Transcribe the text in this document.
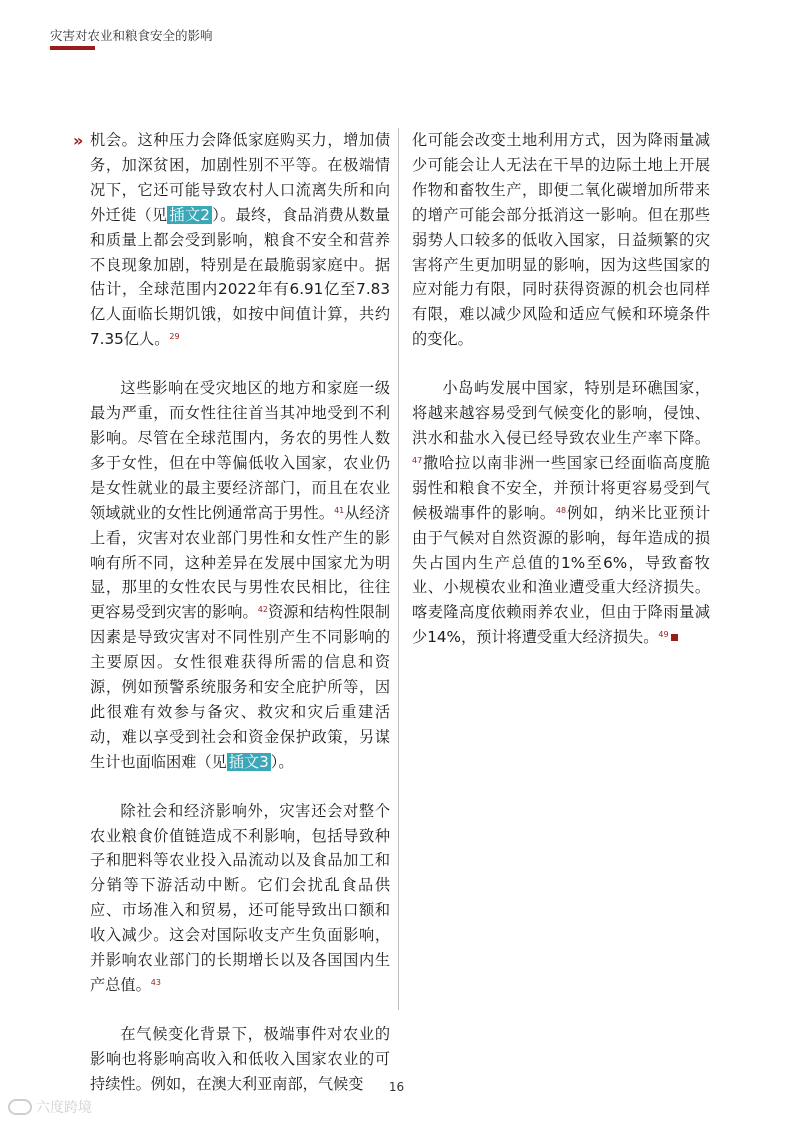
灾害对农业和粮食安全的影响
» 机会。这种压力会降低家庭购买力，增加债务，加深贫困，加剧性别不平等。在极端情况下，它还可能导致农村人口流离失所和向外迁徙（见 插文2 ）。最终，食品消费从数量和质量上都会受到影响，粮食不安全和营养不良现象加剧，特别是在最脆弱家庭中。据估计，全球范围内2022年有6.91亿至7.83亿人面临长期饥饿，如按中间值计算，共约7.35亿人。$^{29}$

这些影响在受灾地区的地方和家庭一级最为严重，而女性往往首当其冲地受到不利影响。尽管在全球范围内，务农的男性人数多于女性，但在中等偏低收入国家，农业仍是女性就业的最主要经济部门，而且在农业领域就业的女性比例通常高于男性。$^{41}$从经济上看，灾害对农业部门男性和女性产生的影响有所不同，这种差异在发展中国家尤为明显，那里的女性农民与男性农民相比，往往更容易受到灾害的影响。$^{42}$资源和结构性限制因素是导致灾害对不同性别产生不同影响的主要原因。女性很难获得所需的信息和资源，例如预警系统服务和安全庇护所等，因此很难有效参与备灾、救灾和灾后重建活动，难以享受到社会和资金保护政策，另谋生计也面临困难（见 插文3 ）。

除社会和经济影响外，灾害还会对整个农业粮食价值链造成不利影响，包括导致种子和肥料等农业投入品流动以及食品加工和分销等下游活动中断。它们会扰乱食品供应、市场准入和贸易，还可能导致出口额和收入减少。这会对国际收支产生负面影响，并影响农业部门的长期增长以及各国国内生产总值。$^{43}$

在气候变化背景下，极端事件对农业的影响也将影响高收入和低收入国家农业的可持续性。例如，在澳大利亚南部，气候变

化可能会改变土地利用方式，因为降雨量减少可能会让人无法在干旱的边际土地上开展作物和畜牧生产，即便二氧化碳增加所带来的增产可能会部分抵消这一影响。但在那些弱势人口较多的低收入国家，日益频繁的灾害将产生更加明显的影响，因为这些国家的应对能力有限，同时获得资源的机会也同样有限，难以减少风险和适应气候和环境条件的变化。

小岛屿发展中国家，特别是环礁国家，将越来越容易受到气候变化的影响，侵蚀、洪水和盐水入侵已经导致农业生产率下降。$^{47}$撒哈拉以南非洲一些国家已经面临高度脆弱性和粮食不安全，并预计将更容易受到气候极端事件的影响。$^{48}$例如，纳米比亚预计由于气候对自然资源的影响，每年造成的损失占国内生产总值的1%至6%，导致畜牧业、小规模农业和渔业遭受重大经济损失。喀麦隆高度依赖雨养农业，但由于降雨量减少14%，预计将遭受重大经济损失。$^{49}$

16
六度跨境
